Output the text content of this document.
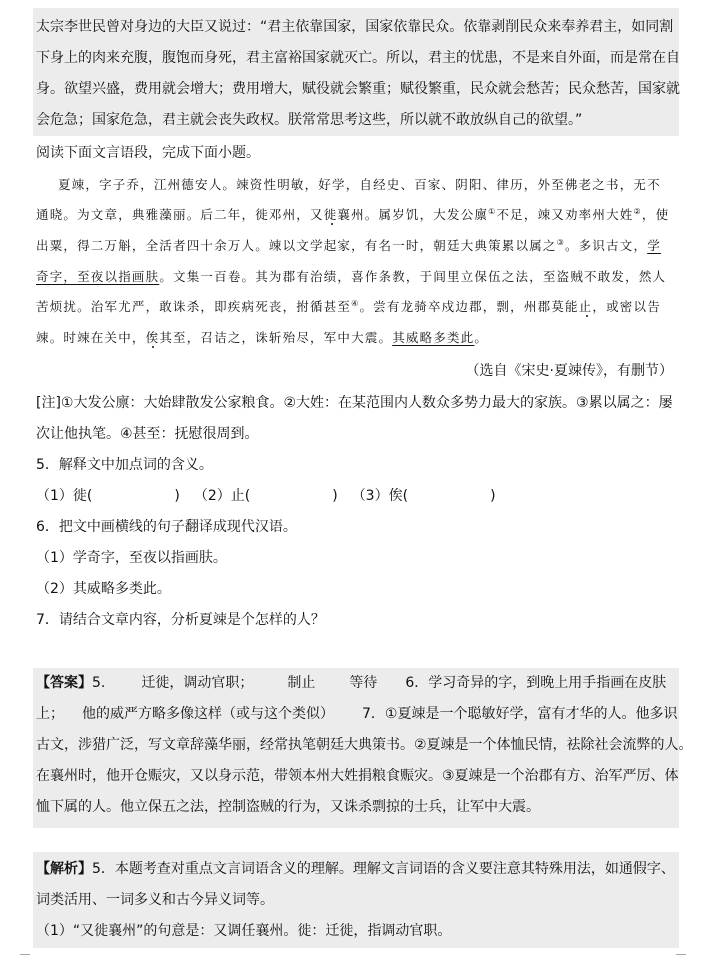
太宗李世民曾对身边的大臣又说过：“君主依靠国家，国家依靠民众。依靠剥削民众来奉养君主，如同割
下身上的肉来充腹，腹饱而身死，君主富裕国家就灭亡。所以，君主的忧患，不是来自外面，而是常在自
身。欲望兴盛，费用就会增大；费用增大，赋役就会繁重；赋役繁重，民众就会愁苦；民众愁苦，国家就
会危急；国家危急，君主就会丧失政权。朕常常思考这些，所以就不敢放纵自己的欲望。”
阅读下面文言语段，完成下面小题。
夏竦，字子乔，江州德安人。竦资性明敏，好学，自经史、百家、阴阳、律历，外至佛老之书，无不
通晓。为文章，典雅藻丽。后二年，徙邓州，又徙襄州。属岁饥，大发公廪①不足，竦又劝率州大姓②，使
出粟，得二万斛，全活者四十余万人。竦以文学起家，有名一时，朝廷大典策累以属之③。多识古文，学
奇字，至夜以指画肤。文集一百卷。其为郡有治绩，喜作条教，于闾里立保伍之法，至盗贼不敢发，然人
苦烦扰。治军尤严，敢诛杀，即疾病死丧，拊循甚至④。尝有龙骑卒戍边郡，剽，州郡莫能止，或密以告
竦。时竦在关中，俟其至，召诘之，诛斩殆尽，军中大震。其威略多类此。
（选自《宋史·夏竦传》，有删节）
[注]①大发公廪：大始肆散发公家粮食。②大姓：在某范围内人数众多势力最大的家族。③累以属之：屡
次让他执笔。④甚至：抚慰很周到。
5．解释文中加点词的含义。
（1）徙(	) （2）止(	) （3）俟(	)
6．把文中画横线的句子翻译成现代汉语。
（1）学奇字，至夜以指画肤。
（2）其威略多类此。
7．请结合文章内容，分析夏竦是个怎样的人？
【答案】5.	迁徙，调动官职； 制止 等待 6．学习奇异的字，到晚上用手指画在皮肤
上； 他的威严方略多像这样（或与这个类似） 7．①夏竦是一个聪敏好学，富有才华的人。他多识
古文，涉猎广泛，写文章辞藻华丽，经常执笔朝廷大典策书。②夏竦是一个体恤民情，祛除社会流弊的人。
在襄州时，他开仓赈灾，又以身示范，带领本州大姓捐粮食赈灾。③夏竦是一个治郡有方、治军严厉、体
恤下属的人。他立保五之法，控制盗贼的行为，又诛杀剽掠的士兵，让军中大震。
【解析】5．本题考查对重点文言词语含义的理解。理解文言词语的含义要注意其特殊用法，如通假字、
词类活用、一词多义和古今异义词等。
（1）“又徙襄州”的句意是：又调任襄州。徙：迁徙，指调动官职。
